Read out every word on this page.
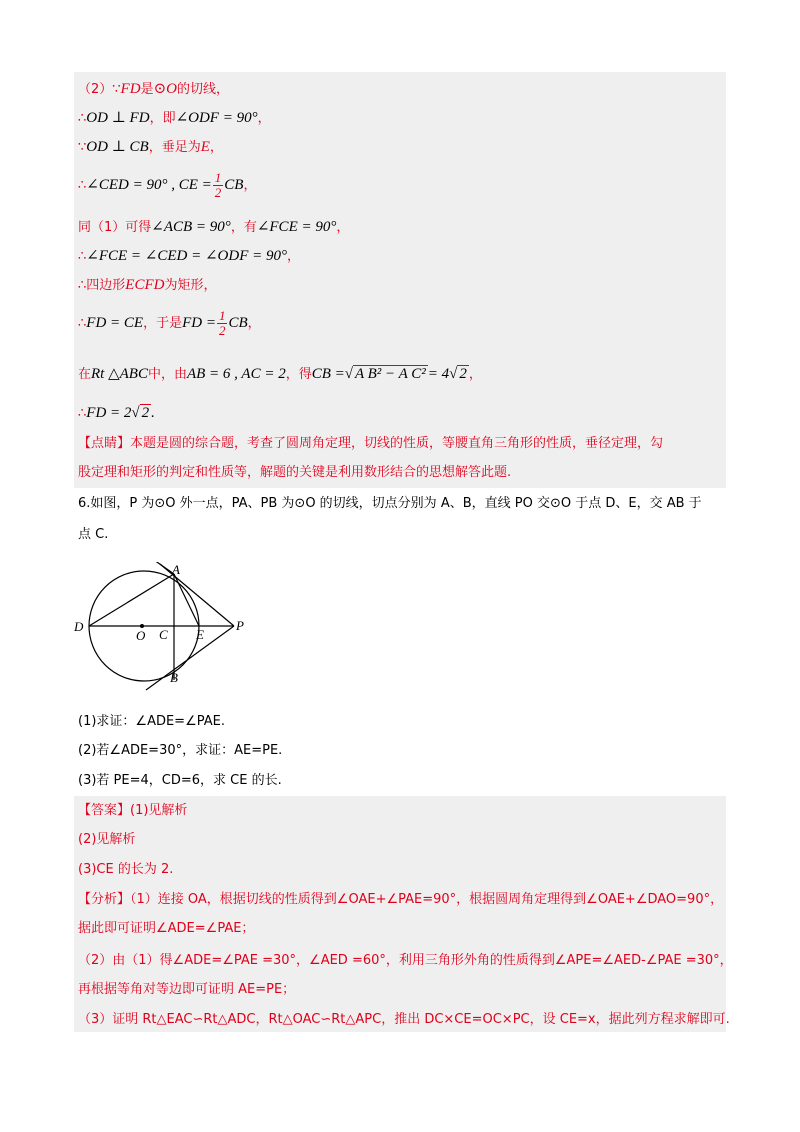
（2）∵FD是⊙O的切线，
∴OD ⊥ FD，即∠ODF = 90°，
∵OD ⊥ CB，垂足为E，
∴∠CED = 90° , CE = $\frac{1}{2}$ CB，
同（1）可得∠ACB = 90°，有∠FCE = 90°，
∴∠FCE = ∠CED = ∠ODF = 90°，
∴四边形ECFD为矩形，
∴FD = CE，于是FD = $\frac{1}{2}$ CB，
在Rt △ABC中，由AB = 6 , AC = 2，得CB =√ A B² − A C² = 4√ 2 ，
∴FD = 2√ 2 .
【点睛】本题是圆的综合题，考查了圆周角定理，切线的性质，等腰直角三角形的性质，垂径定理，勾
股定理和矩形的判定和性质等，解题的关键是利用数形结合的思想解答此题.
6.如图，P 为⊙O 外一点，PA、PB 为⊙O 的切线，切点分别为 A、B，直线 PO 交⊙O 于点 D、E，交 AB 于
点 C.
A
B
C
D
E
O
P
(1)求证：∠ADE=∠PAE.
(2)若∠ADE=30°，求证：AE=PE.
(3)若 PE=4，CD=6，求 CE 的长.
【答案】(1)见解析
(2)见解析
(3)CE 的长为 2.
【分析】（1）连接 OA，根据切线的性质得到∠OAE+∠PAE=90°，根据圆周角定理得到∠OAE+∠DAO=90°，
据此即可证明∠ADE=∠PAE；
（2）由（1）得∠ADE=∠PAE =30°，∠AED =60°，利用三角形外角的性质得到∠APE=∠AED-∠PAE =30°，
再根据等角对等边即可证明 AE=PE；
（3）证明 Rt△EAC∽Rt△ADC，Rt△OAC∽Rt△APC，推出 DC×CE=OC×PC，设 CE=x，据此列方程求解即可.
